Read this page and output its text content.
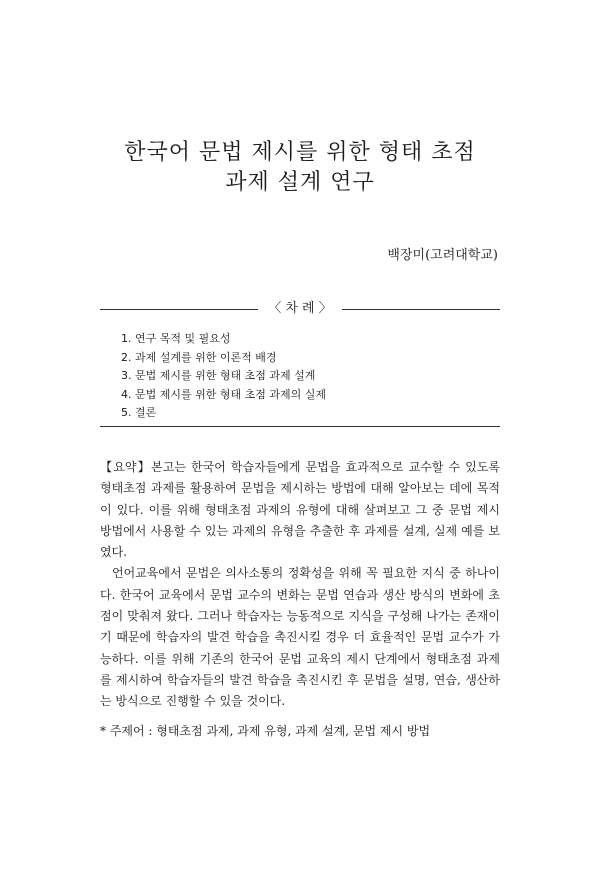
한국어 문법 제시를 위한 형태 초점
과제 설계 연구
백장미(고려대학교)
〈 차 례 〉
1. 연구 목적 및 필요성
2. 과제 설계를 위한 이론적 배경
3. 문법 제시를 위한 형태 초점 과제 설계
4. 문법 제시를 위한 형태 초점 과제의 실제
5. 결론

【요약】본고는 한국어 학습자들에게 문법을 효과적으로 교수할 수 있도록 형태초점 과제를 활용하여 문법을 제시하는 방법에 대해 알아보는 데에 목적이 있다. 이를 위해 형태초점 과제의 유형에 대해 살펴보고 그 중 문법 제시 방법에서 사용할 수 있는 과제의 유형을 추출한 후 과제를 설계, 실제 예를 보였다.

언어교육에서 문법은 의사소통의 정확성을 위해 꼭 필요한 지식 중 하나이다. 한국어 교육에서 문법 교수의 변화는 문법 연습과 생산 방식의 변화에 초점이 맞춰져 왔다. 그러나 학습자는 능동적으로 지식을 구성해 나가는 존재이기 때문에 학습자의 발견 학습을 촉진시킬 경우 더 효율적인 문법 교수가 가능하다. 이를 위해 기존의 한국어 문법 교육의 제시 단계에서 형태초점 과제를 제시하여 학습자들의 발견 학습을 촉진시킨 후 문법을 설명, 연습, 생산하는 방식으로 진행할 수 있을 것이다.

* 주제어 : 형태초점 과제, 과제 유형, 과제 설계, 문법 제시 방법
